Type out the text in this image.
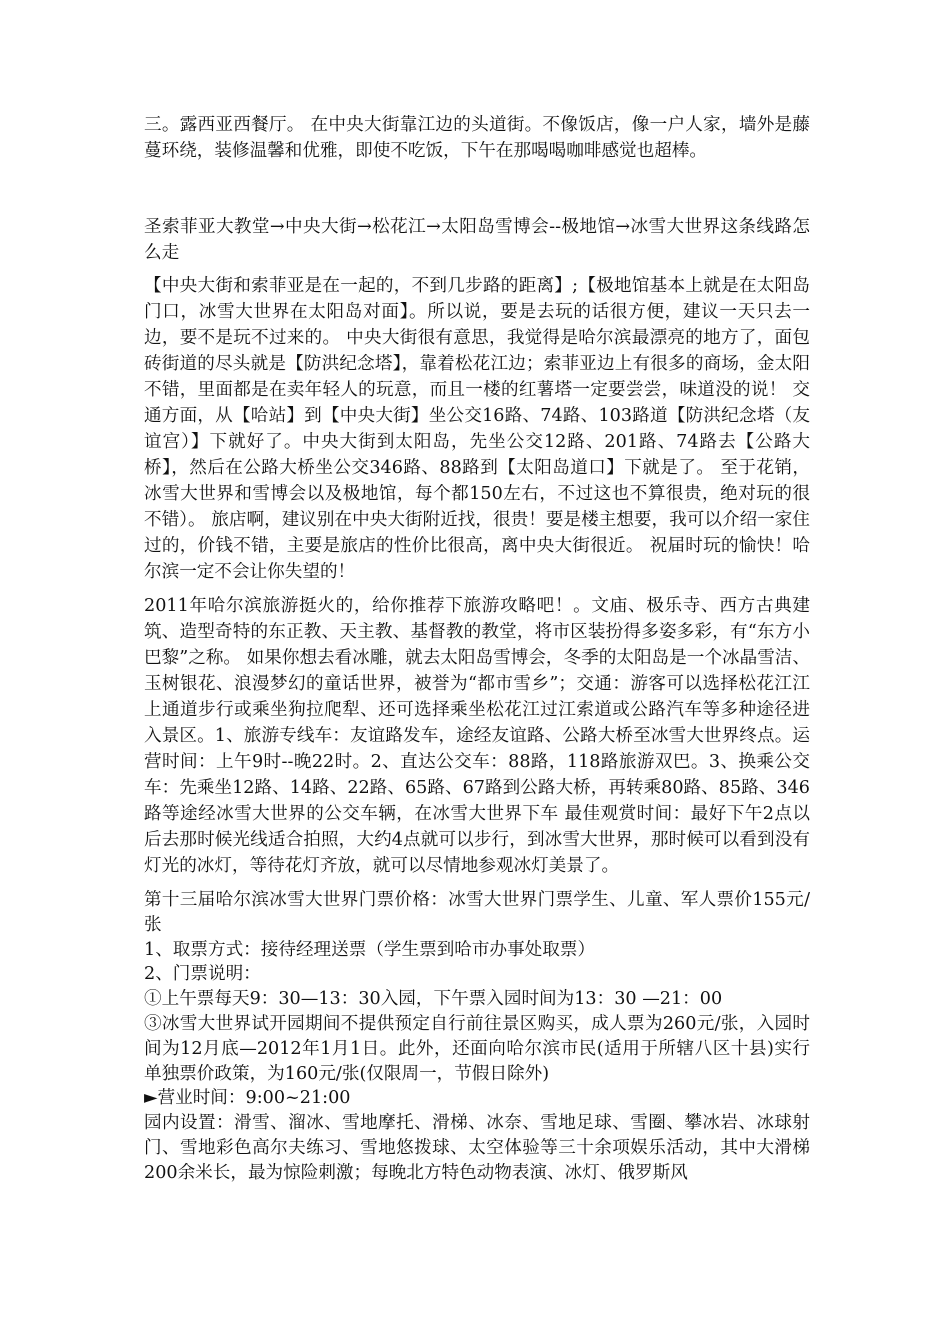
三。露西亚西餐厅。 在中央大街靠江边的头道街。不像饭店，像一户人家，墙外是藤蔓环绕，装修温馨和优雅，即使不吃饭，下午在那喝喝咖啡感觉也超棒。

圣索菲亚大教堂→中央大街→松花江→太阳岛雪博会--极地馆→冰雪大世界这条线路怎么走

【中央大街和索菲亚是在一起的，不到几步路的距离】;【极地馆基本上就是在太阳岛门口，冰雪大世界在太阳岛对面】。所以说，要是去玩的话很方便，建议一天只去一边，要不是玩不过来的。 中央大街很有意思，我觉得是哈尔滨最漂亮的地方了，面包砖街道的尽头就是【防洪纪念塔】，靠着松花江边；索菲亚边上有很多的商场，金太阳不错，里面都是在卖年轻人的玩意，而且一楼的红薯塔一定要尝尝，味道没的说！ 交通方面，从【哈站】到【中央大街】坐公交16路、74路、103路道【防洪纪念塔（友谊宫）】下就好了。中央大街到太阳岛，先坐公交12路、201路、74路去【公路大桥】，然后在公路大桥坐公交346路、88路到【太阳岛道口】下就是了。 至于花销，冰雪大世界和雪博会以及极地馆，每个都150左右，不过这也不算很贵，绝对玩的很不错）。 旅店啊，建议别在中央大街附近找，很贵！要是楼主想要，我可以介绍一家住过的，价钱不错，主要是旅店的性价比很高，离中央大街很近。 祝届时玩的愉快！哈尔滨一定不会让你失望的！

2011年哈尔滨旅游挺火的，给你推荐下旅游攻略吧！。文庙、极乐寺、西方古典建筑、造型奇特的东正教、天主教、基督教的教堂，将市区装扮得多姿多彩，有“东方小巴黎”之称。 如果你想去看冰雕，就去太阳岛雪博会，冬季的太阳岛是一个冰晶雪洁、玉树银花、浪漫梦幻的童话世界，被誉为“都市雪乡”；交通：游客可以选择松花江江上通道步行或乘坐狗拉爬犁、还可选择乘坐松花江过江索道或公路汽车等多种途径进入景区。1、旅游专线车：友谊路发车，途经友谊路、公路大桥至冰雪大世界终点。运营时间：上午9时--晚22时。2、直达公交车：88路，118路旅游双巴。3、换乘公交车：先乘坐12路、14路、22路、65路、67路到公路大桥，再转乘80路、85路、346路等途经冰雪大世界的公交车辆，在冰雪大世界下车 最佳观赏时间：最好下午2点以后去那时候光线适合拍照，大约4点就可以步行，到冰雪大世界，那时候可以看到没有灯光的冰灯，等待花灯齐放，就可以尽情地参观冰灯美景了。

第十三届哈尔滨冰雪大世界门票价格：冰雪大世界门票学生、儿童、军人票价155元/张

1、取票方式：接待经理送票（学生票到哈市办事处取票）

2、门票说明：

①上午票每天9：30—13：30入园，下午票入园时间为13：30 —21：00

③冰雪大世界试开园期间不提供预定自行前往景区购买，成人票为260元/张，入园时间为12月底—2012年1月1日。此外，还面向哈尔滨市民(适用于所辖八区十县)实行单独票价政策，为160元/张(仅限周一，节假日除外)

►营业时间：9:00~21:00

园内设置：滑雪、溜冰、雪地摩托、滑梯、冰奈、雪地足球、雪圈、攀冰岩、冰球射门、雪地彩色高尔夫练习、雪地悠拨球、太空体验等三十余项娱乐活动，其中大滑梯200余米长，最为惊险刺激；每晚北方特色动物表演、冰灯、俄罗斯风
